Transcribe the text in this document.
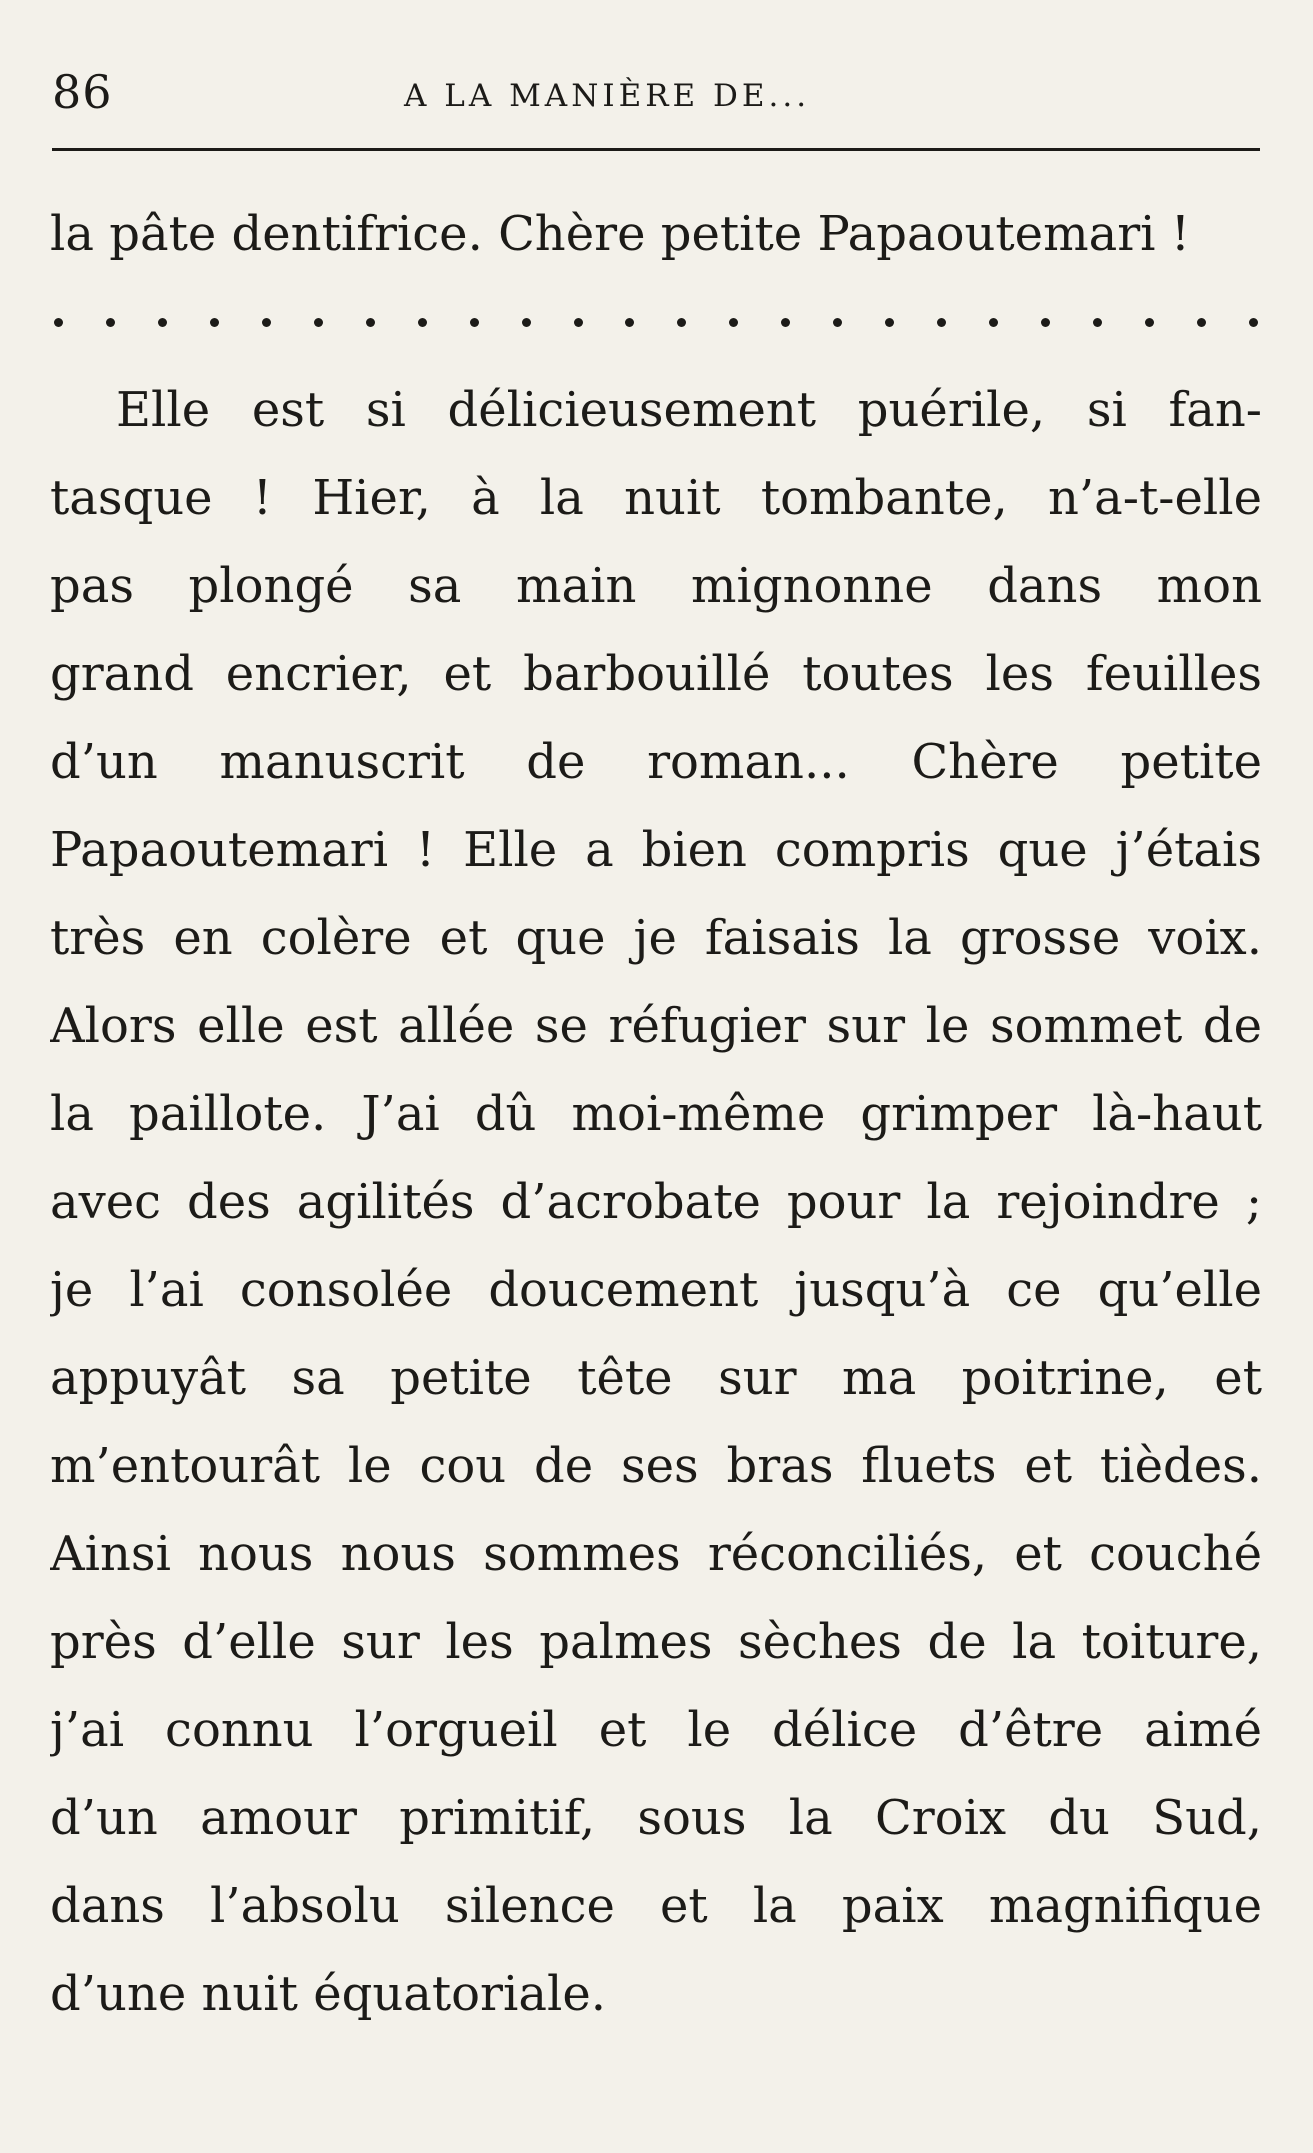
86	A LA MANIÈRE DE...
la pâte dentifrice. Chère petite Papaoutemari !
Elle est si délicieusement puérile, si fan-
tasque ! Hier, à la nuit tombante, n’a-t-elle
pas plongé sa main mignonne dans mon
grand encrier, et barbouillé toutes les feuilles
d’un manuscrit de roman... Chère petite
Papaoutemari ! Elle a bien compris que j’étais
très en colère et que je faisais la grosse voix.
Alors elle est allée se réfugier sur le sommet de
la paillote. J’ai dû moi-même grimper là-haut
avec des agilités d’acrobate pour la rejoindre ;
je l’ai consolée doucement jusqu’à ce qu’elle
appuyât sa petite tête sur ma poitrine, et
m’entourât le cou de ses bras fluets et tièdes.
Ainsi nous nous sommes réconciliés, et couché
près d’elle sur les palmes sèches de la toiture,
j’ai connu l’orgueil et le délice d’être aimé
d’un amour primitif, sous la Croix du Sud,
dans l’absolu silence et la paix magnifique
d’une nuit équatoriale.
